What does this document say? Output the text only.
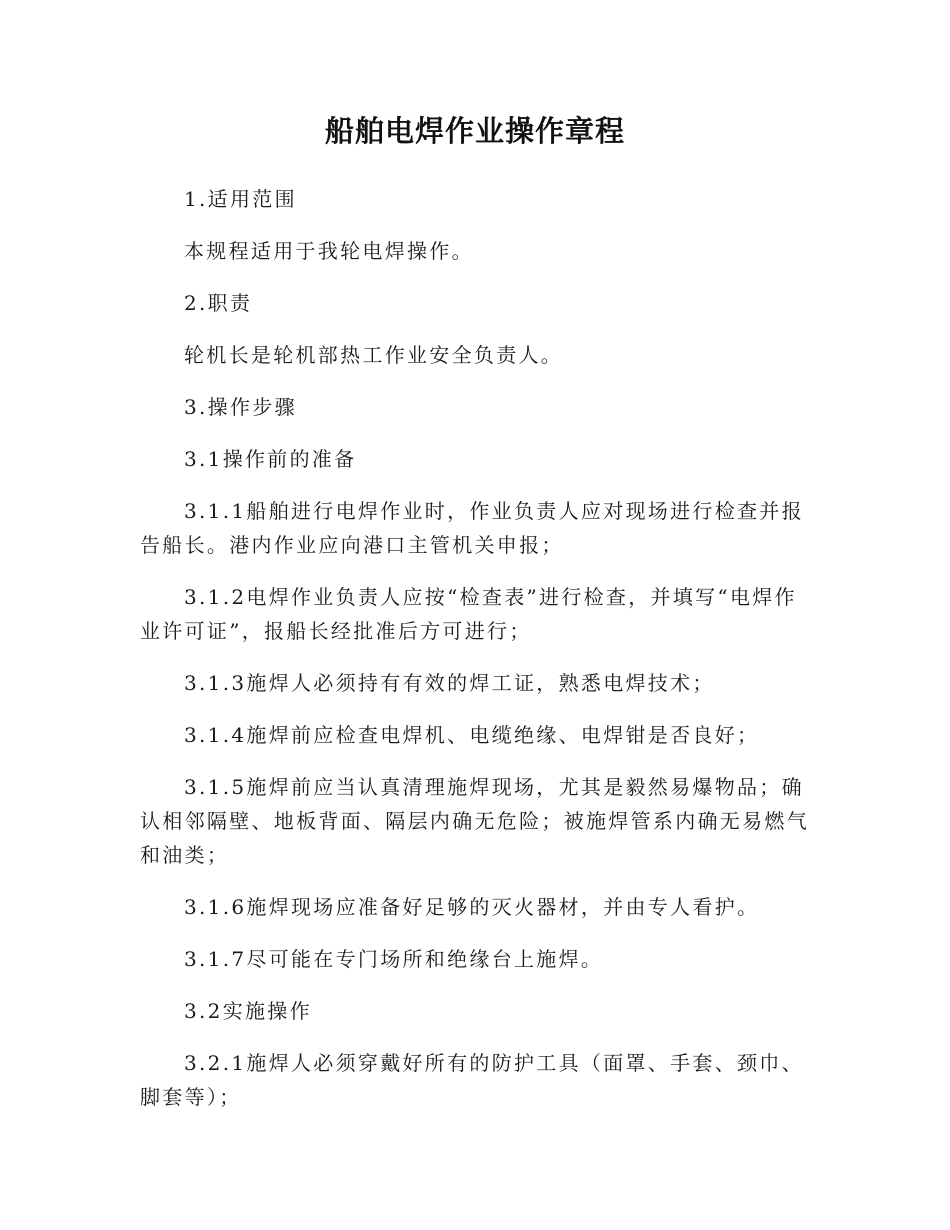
船舶电焊作业操作章程

1.适用范围

本规程适用于我轮电焊操作。

2.职责

轮机长是轮机部热工作业安全负责人。

3.操作步骤

3.1操作前的准备

3.1.1船舶进行电焊作业时，作业负责人应对现场进行检查并报告船长。港内作业应向港口主管机关申报；

3.1.2电焊作业负责人应按“检查表”进行检查，并填写“电焊作业许可证”，报船长经批准后方可进行；

3.1.3施焊人必须持有有效的焊工证，熟悉电焊技术；

3.1.4施焊前应检查电焊机、电缆绝缘、电焊钳是否良好；

3.1.5施焊前应当认真清理施焊现场，尤其是毅然易爆物品；确认相邻隔壁、地板背面、隔层内确无危险；被施焊管系内确无易燃气和油类；

3.1.6施焊现场应准备好足够的灭火器材，并由专人看护。

3.1.7尽可能在专门场所和绝缘台上施焊。

3.2实施操作

3.2.1施焊人必须穿戴好所有的防护工具（面罩、手套、颈巾、脚套等）；
